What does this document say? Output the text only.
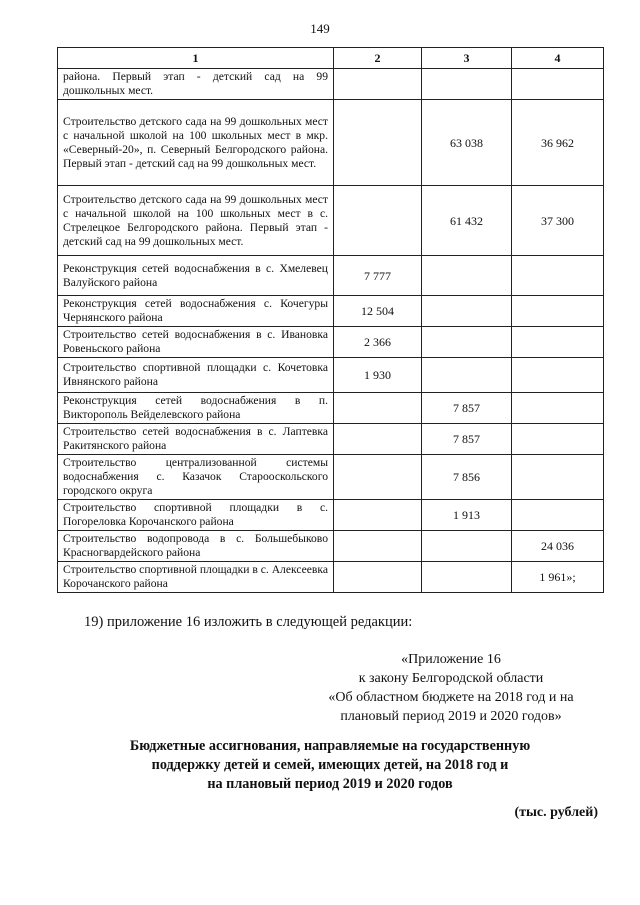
149
1	2	3	4
района. Первый этап - детский сад на 99 дошкольных мест.			
Строительство детского сада на 99 дошкольных мест с начальной школой на 100 школьных мест в мкр. «Северный-20», п. Северный Белгородского района. Первый этап - детский сад на 99 дошкольных мест.		63 038	36 962
Строительство детского сада на 99 дошкольных мест с начальной школой на 100 школьных мест в с. Стрелецкое Белгородского района. Первый этап - детский сад на 99 дошкольных мест.		61 432	37 300
Реконструкция сетей водоснабжения в с. Хмелевец Валуйского района	7 777		
Реконструкция сетей водоснабжения с. Кочегуры Чернянского района	12 504		
Строительство сетей водоснабжения в с. Ивановка Ровеньского района	2 366		
Строительство спортивной площадки с. Кочетовка Ивнянского района	1 930		
Реконструкция сетей водоснабжения в п. Викторополь Вейделевского района		7 857	
Строительство сетей водоснабжения в с. Лаптевка Ракитянского района		7 857	
Строительство централизованной системы водоснабжения с. Казачок Старооскольского городского округа		7 856	
Строительство спортивной площадки в с. Погореловка Корочанского района		1 913	
Строительство водопровода в с. Большебыково Красногвардейского района			24 036
Строительство спортивной площадки в с. Алексеевка Корочанского района			1 961»;
19) приложение 16 изложить в следующей редакции:
«Приложение 16
к закону Белгородской области
«Об областном бюджете на 2018 год и на
плановый период 2019 и 2020 годов»
Бюджетные ассигнования, направляемые на государственную
поддержку детей и семей, имеющих детей, на 2018 год и
на плановый период 2019 и 2020 годов
(тыс. рублей)
